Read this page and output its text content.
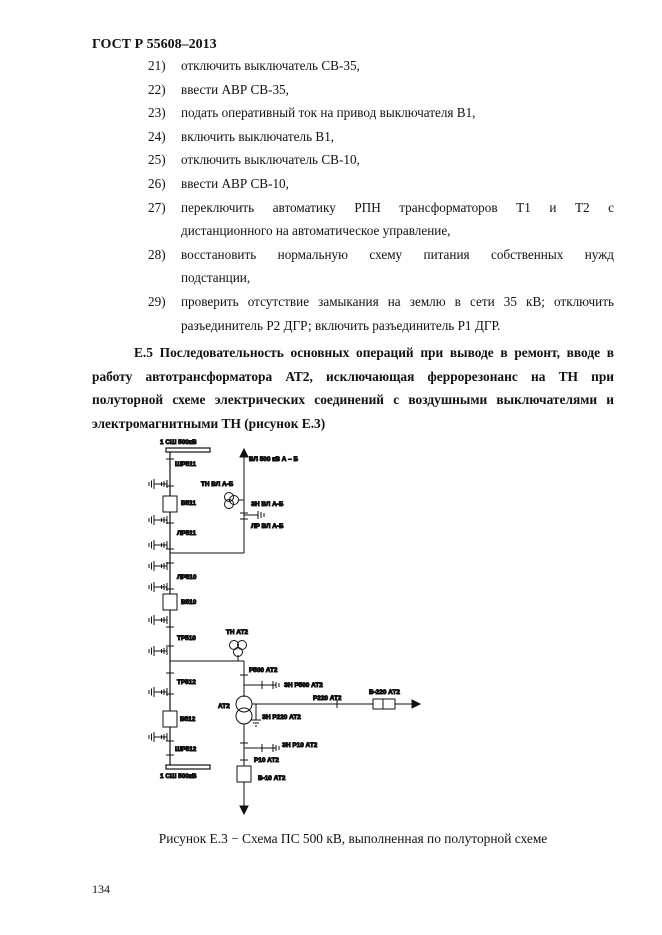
ГОСТ Р 55608–2013
21)	отключить выключатель СВ-35,
22)	ввести АВР СВ-35,
23)	подать оперативный ток на привод выключателя В1,
24)	включить выключатель В1,
25)	отключить выключатель СВ-10,
26)	ввести АВР СВ-10,
27)	переключить автоматику РПН трансформаторов Т1 и Т2 с
дистанционного на автоматическое управление,
28)	восстановить нормальную схему питания собственных нужд
подстанции,
29)	проверить отсутствие замыкания на землю в сети 35 кВ; отключить
разъединитель Р2 ДГР; включить разъединитель Р1 ДГР.
Е.5 Последовательность основных операций при выводе в ремонт, вводе в работу автотрансформатора АТ2, исключающая феррорезонанс на ТН при полуторной схеме электрических соединений с воздушными выключателями и электромагнитными ТН (рисунок Е.3)
1 СШ 500кВ
ШР511
ВЛ 500 кВ А – Б
ТН ВЛ А-Б
В511	ЗН ВЛ А-Б
ЛР ВЛ А-Б
ЛР511
ЛР510
В510
ТН АТ2
ТР510
Р500 АТ2
ТР512	ЗН Р500 АТ2
Р220 АТ2
В-220 АТ2
АТ2
ЗН Р220 АТ2
В512
ЗН Р10 АТ2
ШР512
Р10 АТ2
1 СШ 500кВ	В-10 АТ2
Рисунок Е.3 − Схема ПС 500 кВ, выполненная по полуторной схеме
134
